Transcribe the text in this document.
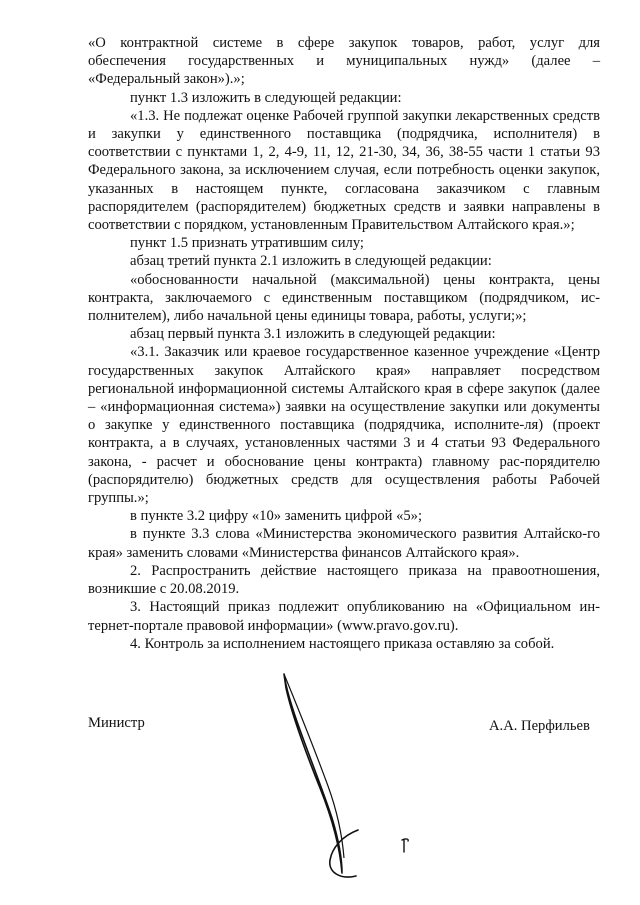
«О контрактной системе в сфере закупок товаров, работ, услуг для

обеспечения государственных и муниципальных нужд» (далее –

«Федеральный закон»).»;

пункт 1.3 изложить в следующей редакции:

«1.3. Не подлежат оценке Рабочей группой закупки лекарственных средств и закупки у единственного поставщика (подрядчика, исполнителя) в соответствии с пунктами 1, 2, 4-9, 11, 12, 21-30, 34, 36, 38-55 части 1 статьи 93 Федерального закона, за исключением случая, если потребность оценки закупок, указанных в настоящем пункте, согласована заказчиком с главным распорядителем (распорядителем) бюджетных средств и заявки направлены в соответствии с порядком, установленным Правительством Алтайского края.»;

пункт 1.5 признать утратившим силу;

абзац третий пункта 2.1 изложить в следующей редакции:

«обоснованности начальной (максимальной) цены контракта, цены контракта, заключаемого с единственным поставщиком (подрядчиком, ис-полнителем), либо начальной цены единицы товара, работы, услуги;»;

абзац первый пункта 3.1 изложить в следующей редакции:

«3.1. Заказчик или краевое государственное казенное учреждение «Центр государственных закупок Алтайского края» направляет посредством региональной информационной системы Алтайского края в сфере закупок (далее – «информационная система») заявки на осуществление закупки или документы о закупке у единственного поставщика (подрядчика, исполните-ля) (проект контракта, а в случаях, установленных частями 3 и 4 статьи 93 Федерального закона, - расчет и обоснование цены контракта) главному рас-порядителю (распорядителю) бюджетных средств для осуществления работы Рабочей группы.»;

в пункте 3.2 цифру «10» заменить цифрой «5»;

в пункте 3.3 слова «Министерства экономического развития Алтайско-го края» заменить словами «Министерства финансов Алтайского края».

2. Распространить действие настоящего приказа на правоотношения, возникшие с 20.08.2019.

3. Настоящий приказ подлежит опубликованию на «Официальном ин-тернет-портале правовой информации» (www.pravo.gov.ru).

4. Контроль за исполнением настоящего приказа оставляю за собой.

Министр	А.А. Перфильев
